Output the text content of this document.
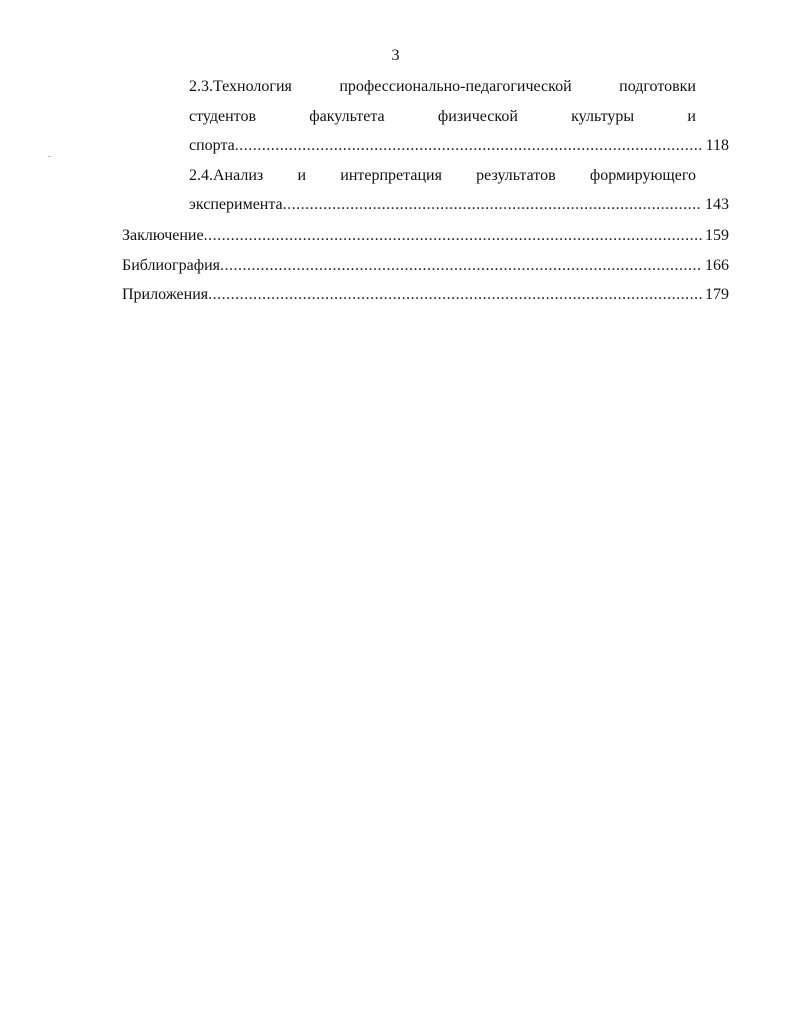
3
2.3.Технология профессионально-педагогической подготовки
студентов факультета физической культуры и
спорта .....	118
2.4.Анализ и интерпретация результатов формирующего
эксперимента .....	143
Заключение .....	159
Библиография .....	166
Приложения .....	179
